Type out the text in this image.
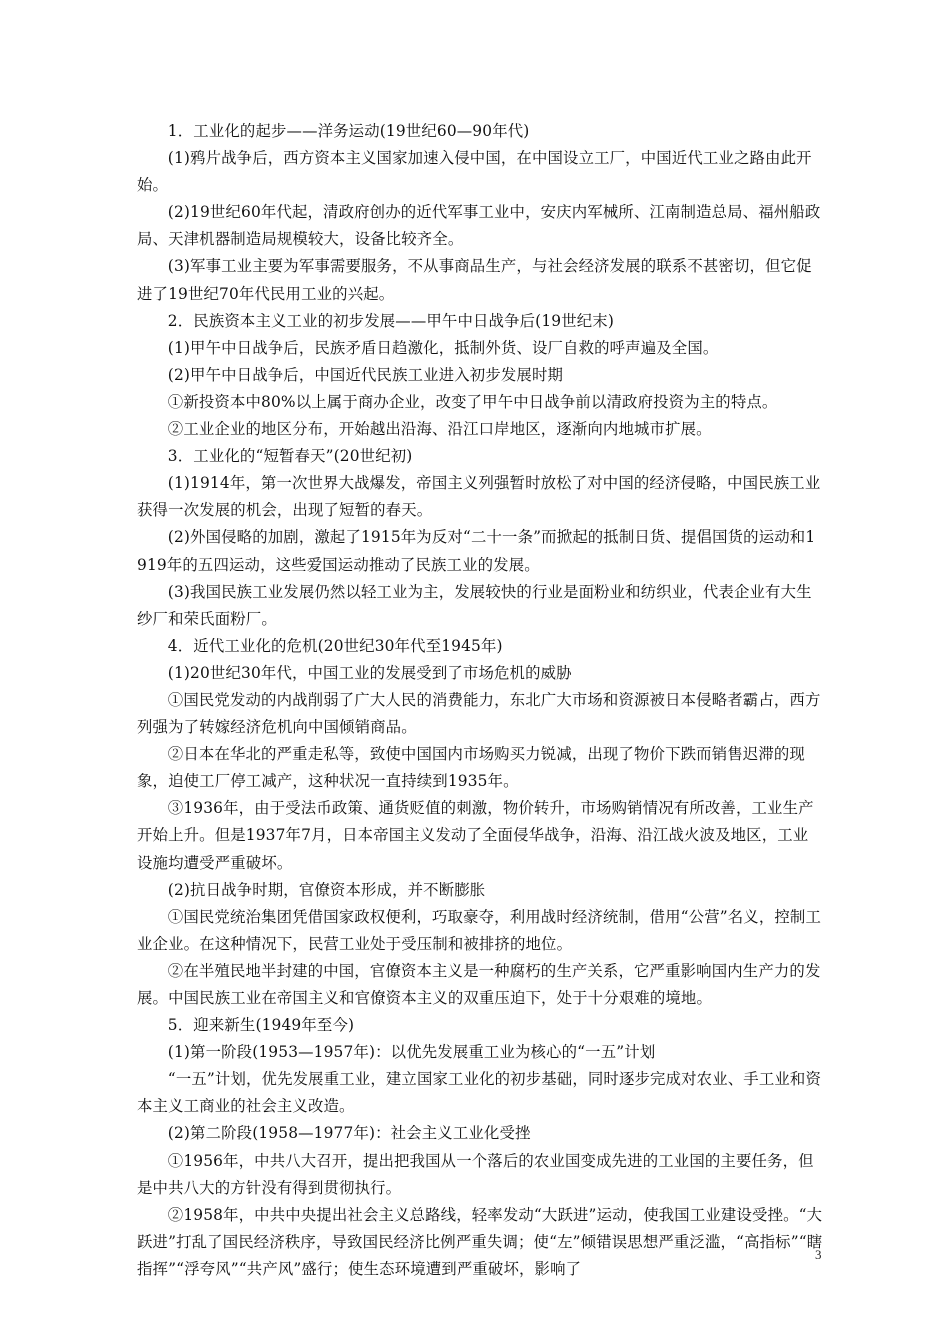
1．工业化的起步——洋务运动(19世纪60—90年代)

(1)鸦片战争后，西方资本主义国家加速入侵中国，在中国设立工厂，中国近代工业之路由此开始。

(2)19世纪60年代起，清政府创办的近代军事工业中，安庆内军械所、江南制造总局、福州船政局、天津机器制造局规模较大，设备比较齐全。

(3)军事工业主要为军事需要服务，不从事商品生产，与社会经济发展的联系不甚密切，但它促进了19世纪70年代民用工业的兴起。

2．民族资本主义工业的初步发展——甲午中日战争后(19世纪末)

(1)甲午中日战争后，民族矛盾日趋激化，抵制外货、设厂自救的呼声遍及全国。

(2)甲午中日战争后，中国近代民族工业进入初步发展时期

①新投资本中80%以上属于商办企业，改变了甲午中日战争前以清政府投资为主的特点。

②工业企业的地区分布，开始越出沿海、沿江口岸地区，逐渐向内地城市扩展。

3．工业化的“短暂春天”(20世纪初)

(1)1914年，第一次世界大战爆发，帝国主义列强暂时放松了对中国的经济侵略，中国民族工业获得一次发展的机会，出现了短暂的春天。

(2)外国侵略的加剧，激起了1915年为反对“二十一条”而掀起的抵制日货、提倡国货的运动和1919年的五四运动，这些爱国运动推动了民族工业的发展。

(3)我国民族工业发展仍然以轻工业为主，发展较快的行业是面粉业和纺织业，代表企业有大生纱厂和荣氏面粉厂。

4．近代工业化的危机(20世纪30年代至1945年)

(1)20世纪30年代，中国工业的发展受到了市场危机的威胁

①国民党发动的内战削弱了广大人民的消费能力，东北广大市场和资源被日本侵略者霸占，西方列强为了转嫁经济危机向中国倾销商品。

②日本在华北的严重走私等，致使中国国内市场购买力锐减，出现了物价下跌而销售迟滞的现象，迫使工厂停工减产，这种状况一直持续到1935年。

③1936年，由于受法币政策、通货贬值的刺激，物价转升，市场购销情况有所改善，工业生产开始上升。但是1937年7月，日本帝国主义发动了全面侵华战争，沿海、沿江战火波及地区，工业设施均遭受严重破坏。

(2)抗日战争时期，官僚资本形成，并不断膨胀

①国民党统治集团凭借国家政权便利，巧取豪夺，利用战时经济统制，借用“公营”名义，控制工业企业。在这种情况下，民营工业处于受压制和被排挤的地位。

②在半殖民地半封建的中国，官僚资本主义是一种腐朽的生产关系，它严重影响国内生产力的发展。中国民族工业在帝国主义和官僚资本主义的双重压迫下，处于十分艰难的境地。

5．迎来新生(1949年至今)

(1)第一阶段(1953—1957年)：以优先发展重工业为核心的“一五”计划

“一五”计划，优先发展重工业，建立国家工业化的初步基础，同时逐步完成对农业、手工业和资本主义工商业的社会主义改造。

(2)第二阶段(1958—1977年)：社会主义工业化受挫

①1956年，中共八大召开，提出把我国从一个落后的农业国变成先进的工业国的主要任务，但是中共八大的方针没有得到贯彻执行。

②1958年，中共中央提出社会主义总路线，轻率发动“大跃进”运动，使我国工业建设受挫。“大跃进”打乱了国民经济秩序，导致国民经济比例严重失调；使“左”倾错误思想严重泛滥，“高指标”“瞎指挥”“浮夸风”“共产风”盛行；使生态环境遭到严重破坏，影响了

3
